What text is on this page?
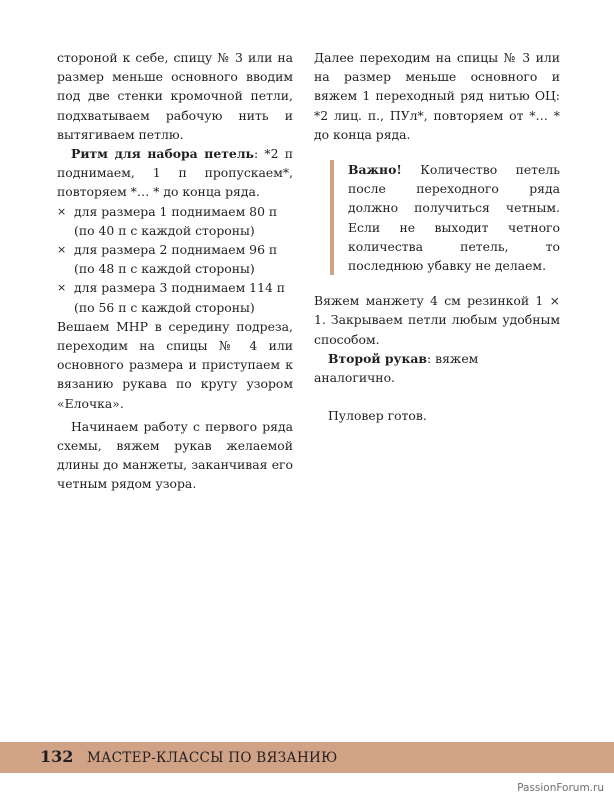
стороной к себе, спицу № 3 или на размер меньше основного вводим под две стенки кромочной петли, подхватываем рабочую нить и вытягиваем петлю.

Ритм для набора петель: *2 п поднимаем, 1 п пропускаем*, повторяем *… * до конца ряда.

× для размера 1 поднимаем 80 п (по 40 п с каждой стороны)
× для размера 2 поднимаем 96 п (по 48 п с каждой стороны)
× для размера 3 поднимаем 114 п (по 56 п с каждой стороны)

Вешаем МНР в середину подреза, переходим на спицы № 4 или основного размера и приступаем к вязанию рукава по кругу узором «Елочка».

Начинаем работу с первого ряда схемы, вяжем рукав желаемой длины до манжеты, заканчивая его четным рядом узора.

Далее переходим на спицы № 3 или на размер меньше основного и вяжем 1 переходный ряд нитью ОЦ: *2 лиц. п., ПУл*, повторяем от *… * до конца ряда.

Важно! Количество петель после переходного ряда должно получиться четным. Если не выходит четного количества петель, то последнюю убавку не делаем.

Вяжем манжету 4 см резинкой 1 × 1. Закрываем петли любым удобным способом.

Второй рукав: вяжем аналогично.

Пуловер готов.

132 МАСТЕР-КЛАССЫ ПО ВЯЗАНИЮ
PassionForum.ru
